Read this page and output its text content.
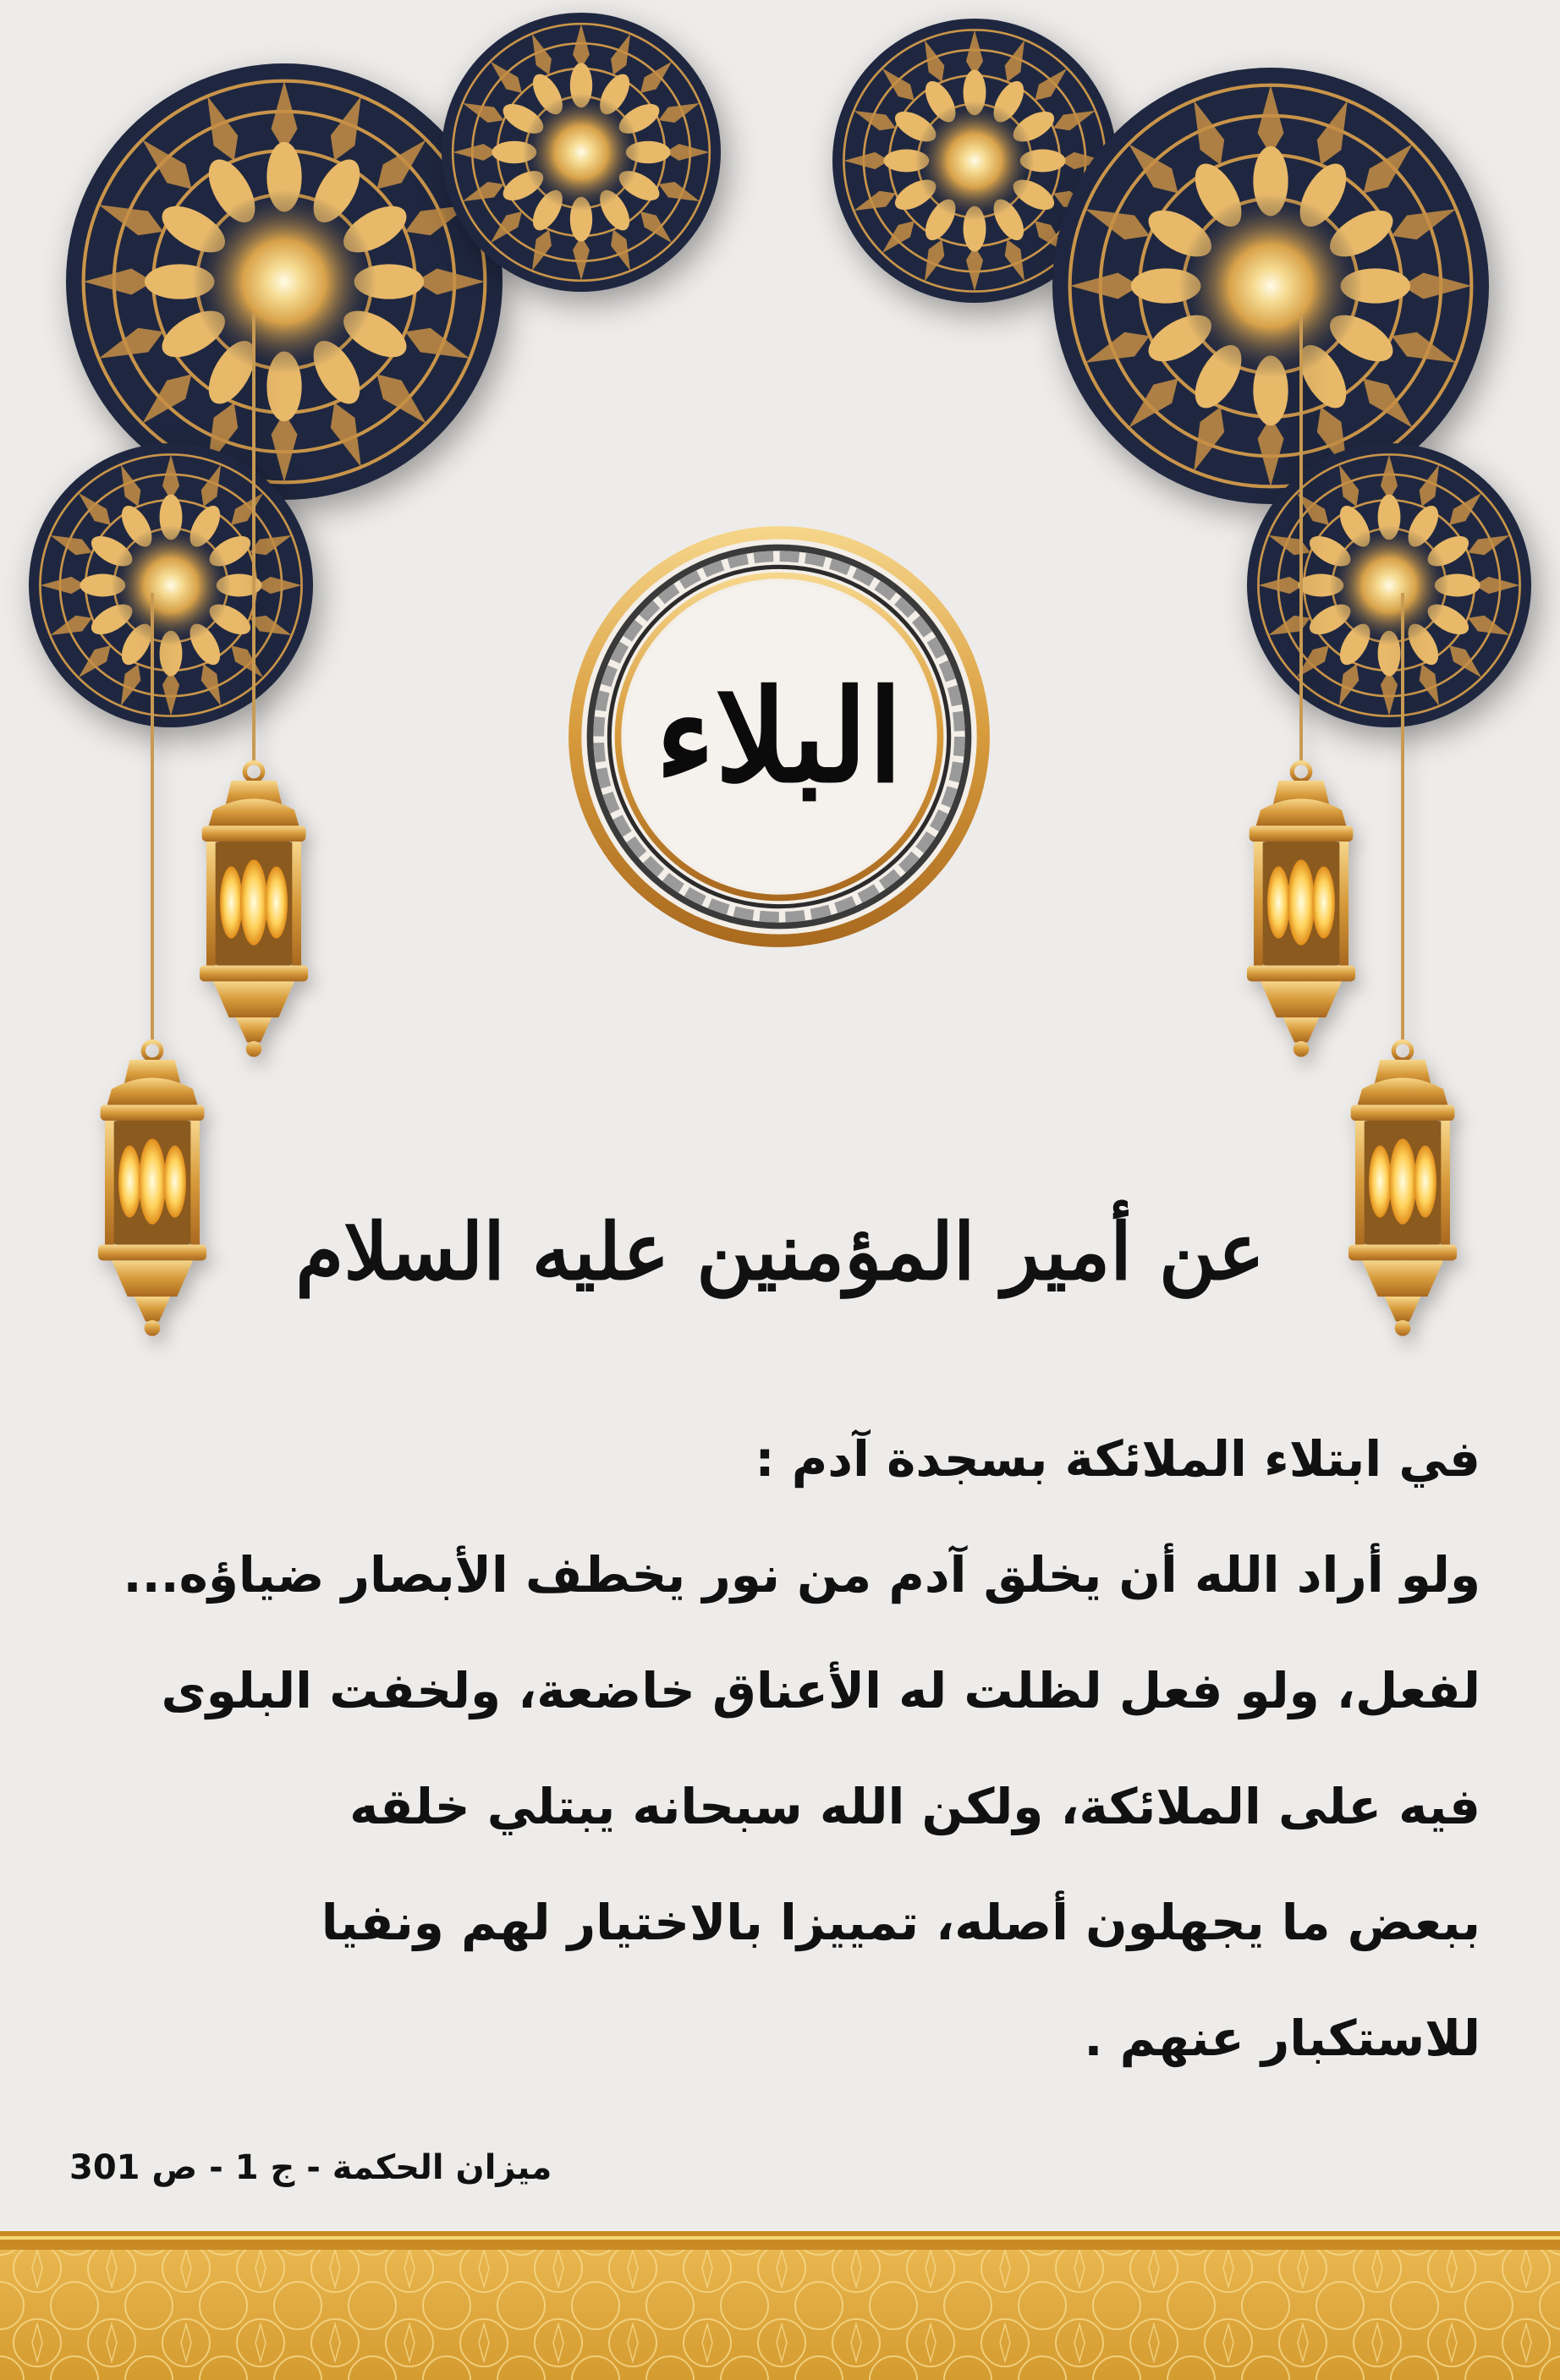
البلاء
عن أمير المؤمنين عليه السلام
في ابتلاء الملائكة بسجدة آدم :
ولو أراد الله أن يخلق آدم من نور يخطف الأبصار ضياؤه...
لفعل، ولو فعل لظلت له الأعناق خاضعة، ولخفت البلوى
فيه على الملائكة، ولكن الله سبحانه يبتلي خلقه
ببعض ما يجهلون أصله، تمييزا بالاختيار لهم ونفيا
للاستكبار عنهم .
ميزان الحكمة - ج 1 - ص 301
